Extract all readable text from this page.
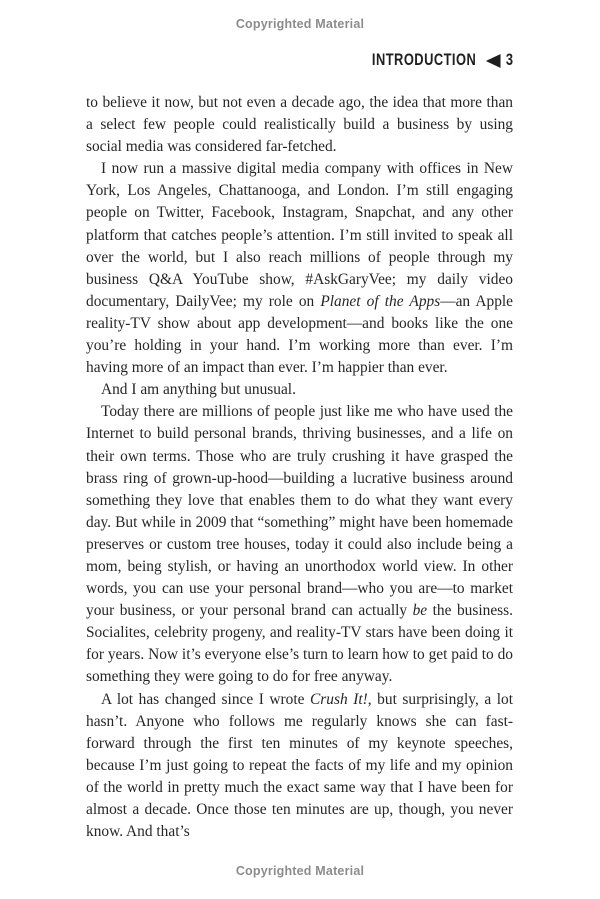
Copyrighted Material
INTRODUCTION 3

to believe it now, but not even a decade ago, the idea that more than a select few people could realistically build a business by using social media was considered far-fetched.

I now run a massive digital media company with offices in New York, Los Angeles, Chattanooga, and London. I’m still engaging people on Twitter, Facebook, Instagram, Snapchat, and any other platform that catches people’s attention. I’m still invited to speak all over the world, but I also reach millions of people through my business Q&A YouTube show, #AskGaryVee; my daily video documentary, DailyVee; my role on Planet of the Apps—an Apple reality-TV show about app development—and books like the one you’re holding in your hand. I’m working more than ever. I’m having more of an impact than ever. I’m happier than ever.

And I am anything but unusual.

Today there are millions of people just like me who have used the Internet to build personal brands, thriving businesses, and a life on their own terms. Those who are truly crushing it have grasped the brass ring of grown-up-hood—building a lucrative business around something they love that enables them to do what they want every day. But while in 2009 that “something” might have been homemade preserves or custom tree houses, today it could also include being a mom, being stylish, or having an unorthodox world view. In other words, you can use your personal brand—who you are—to market your business, or your personal brand can actually be the business. Socialites, celebrity progeny, and reality-TV stars have been doing it for years. Now it’s everyone else’s turn to learn how to get paid to do something they were going to do for free anyway.

A lot has changed since I wrote Crush It!, but surprisingly, a lot hasn’t. Anyone who follows me regularly knows she can fast-forward through the first ten minutes of my keynote speeches, because I’m just going to repeat the facts of my life and my opinion of the world in pretty much the exact same way that I have been for almost a decade. Once those ten minutes are up, though, you never know. And that’s

Copyrighted Material
